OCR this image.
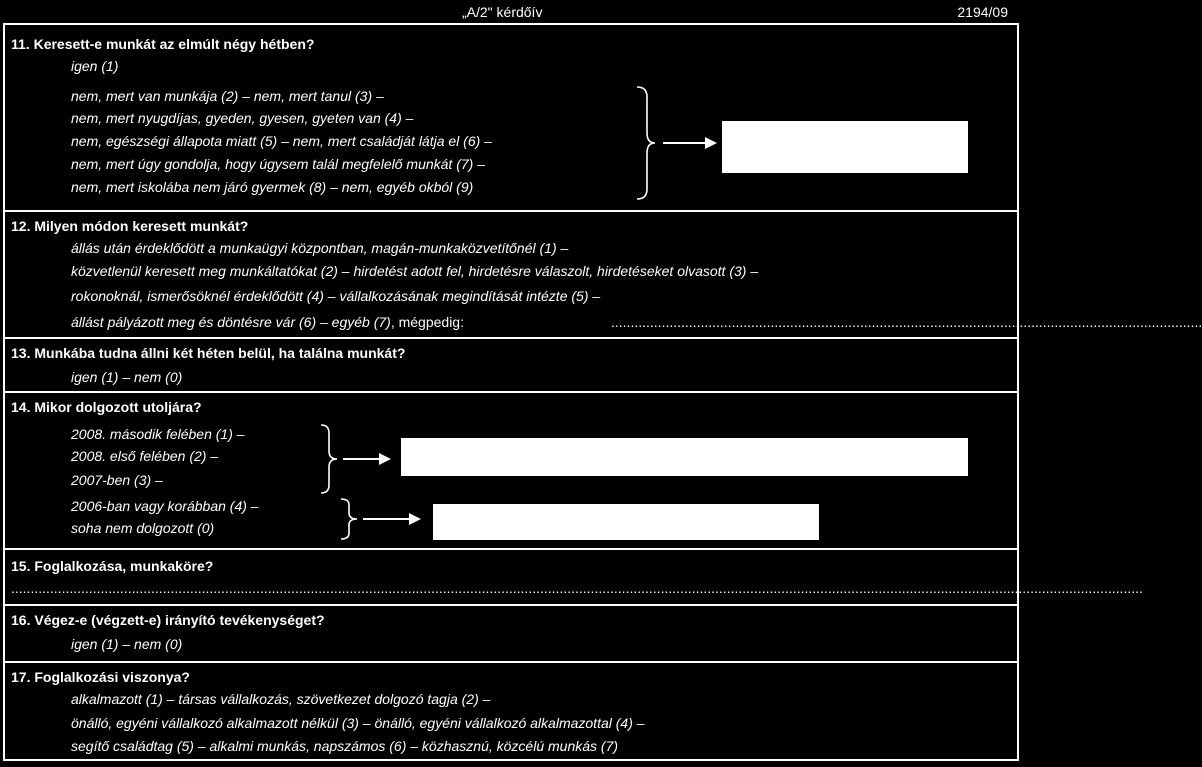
„A/2" kérdőív	2194/09
11. Keresett-e munkát az elmúlt négy hétben?
igen (1)
nem, mert van munkája (2) – nem, mert tanul (3) –
nem, mert nyugdíjas, gyeden, gyesen, gyeten van (4) –
nem, egészségi állapota miatt (5) – nem, mert családját látja el (6) –
nem, mert úgy gondolja, hogy úgysem talál megfelelő munkát (7) –
nem, mert iskolába nem járó gyermek (8) – nem, egyéb okból (9)
12. Milyen módon keresett munkát?
állás után érdeklődött a munkaügyi központban, magán-munkaközvetítőnél (1) –
közvetlenül keresett meg munkáltatókat (2) – hirdetést adott fel, hirdetésre válaszolt, hirdetéseket olvasott (3) –
rokonoknál, ismerősöknél érdeklődött (4) – vállalkozásának megindítását intézte (5) –
állást pályázott meg és döntésre vár (6) – egyéb (7), mégpedig:	........................................................................................................................................................
13. Munkába tudna állni két héten belül, ha találna munkát?
igen (1) – nem (0)
14. Mikor dolgozott utoljára?
2008. második felében (1) –
2008. első felében (2) –
2007-ben (3) –
2006-ban vagy korábban (4) –
soha nem dolgozott (0)
15. Foglalkozása, munkaköre?
...................................................................................................................................................................................................................................................................................................
16. Végez-e (végzett-e) irányító tevékenységet?
igen (1) – nem (0)
17. Foglalkozási viszonya?
alkalmazott (1) – társas vállalkozás, szövetkezet dolgozó tagja (2) –
önálló, egyéni vállalkozó alkalmazott nélkül (3) – önálló, egyéni vállalkozó alkalmazottal (4) –
segítő családtag (5) – alkalmi munkás, napszámos (6) – közhasznú, közcélú munkás (7)
